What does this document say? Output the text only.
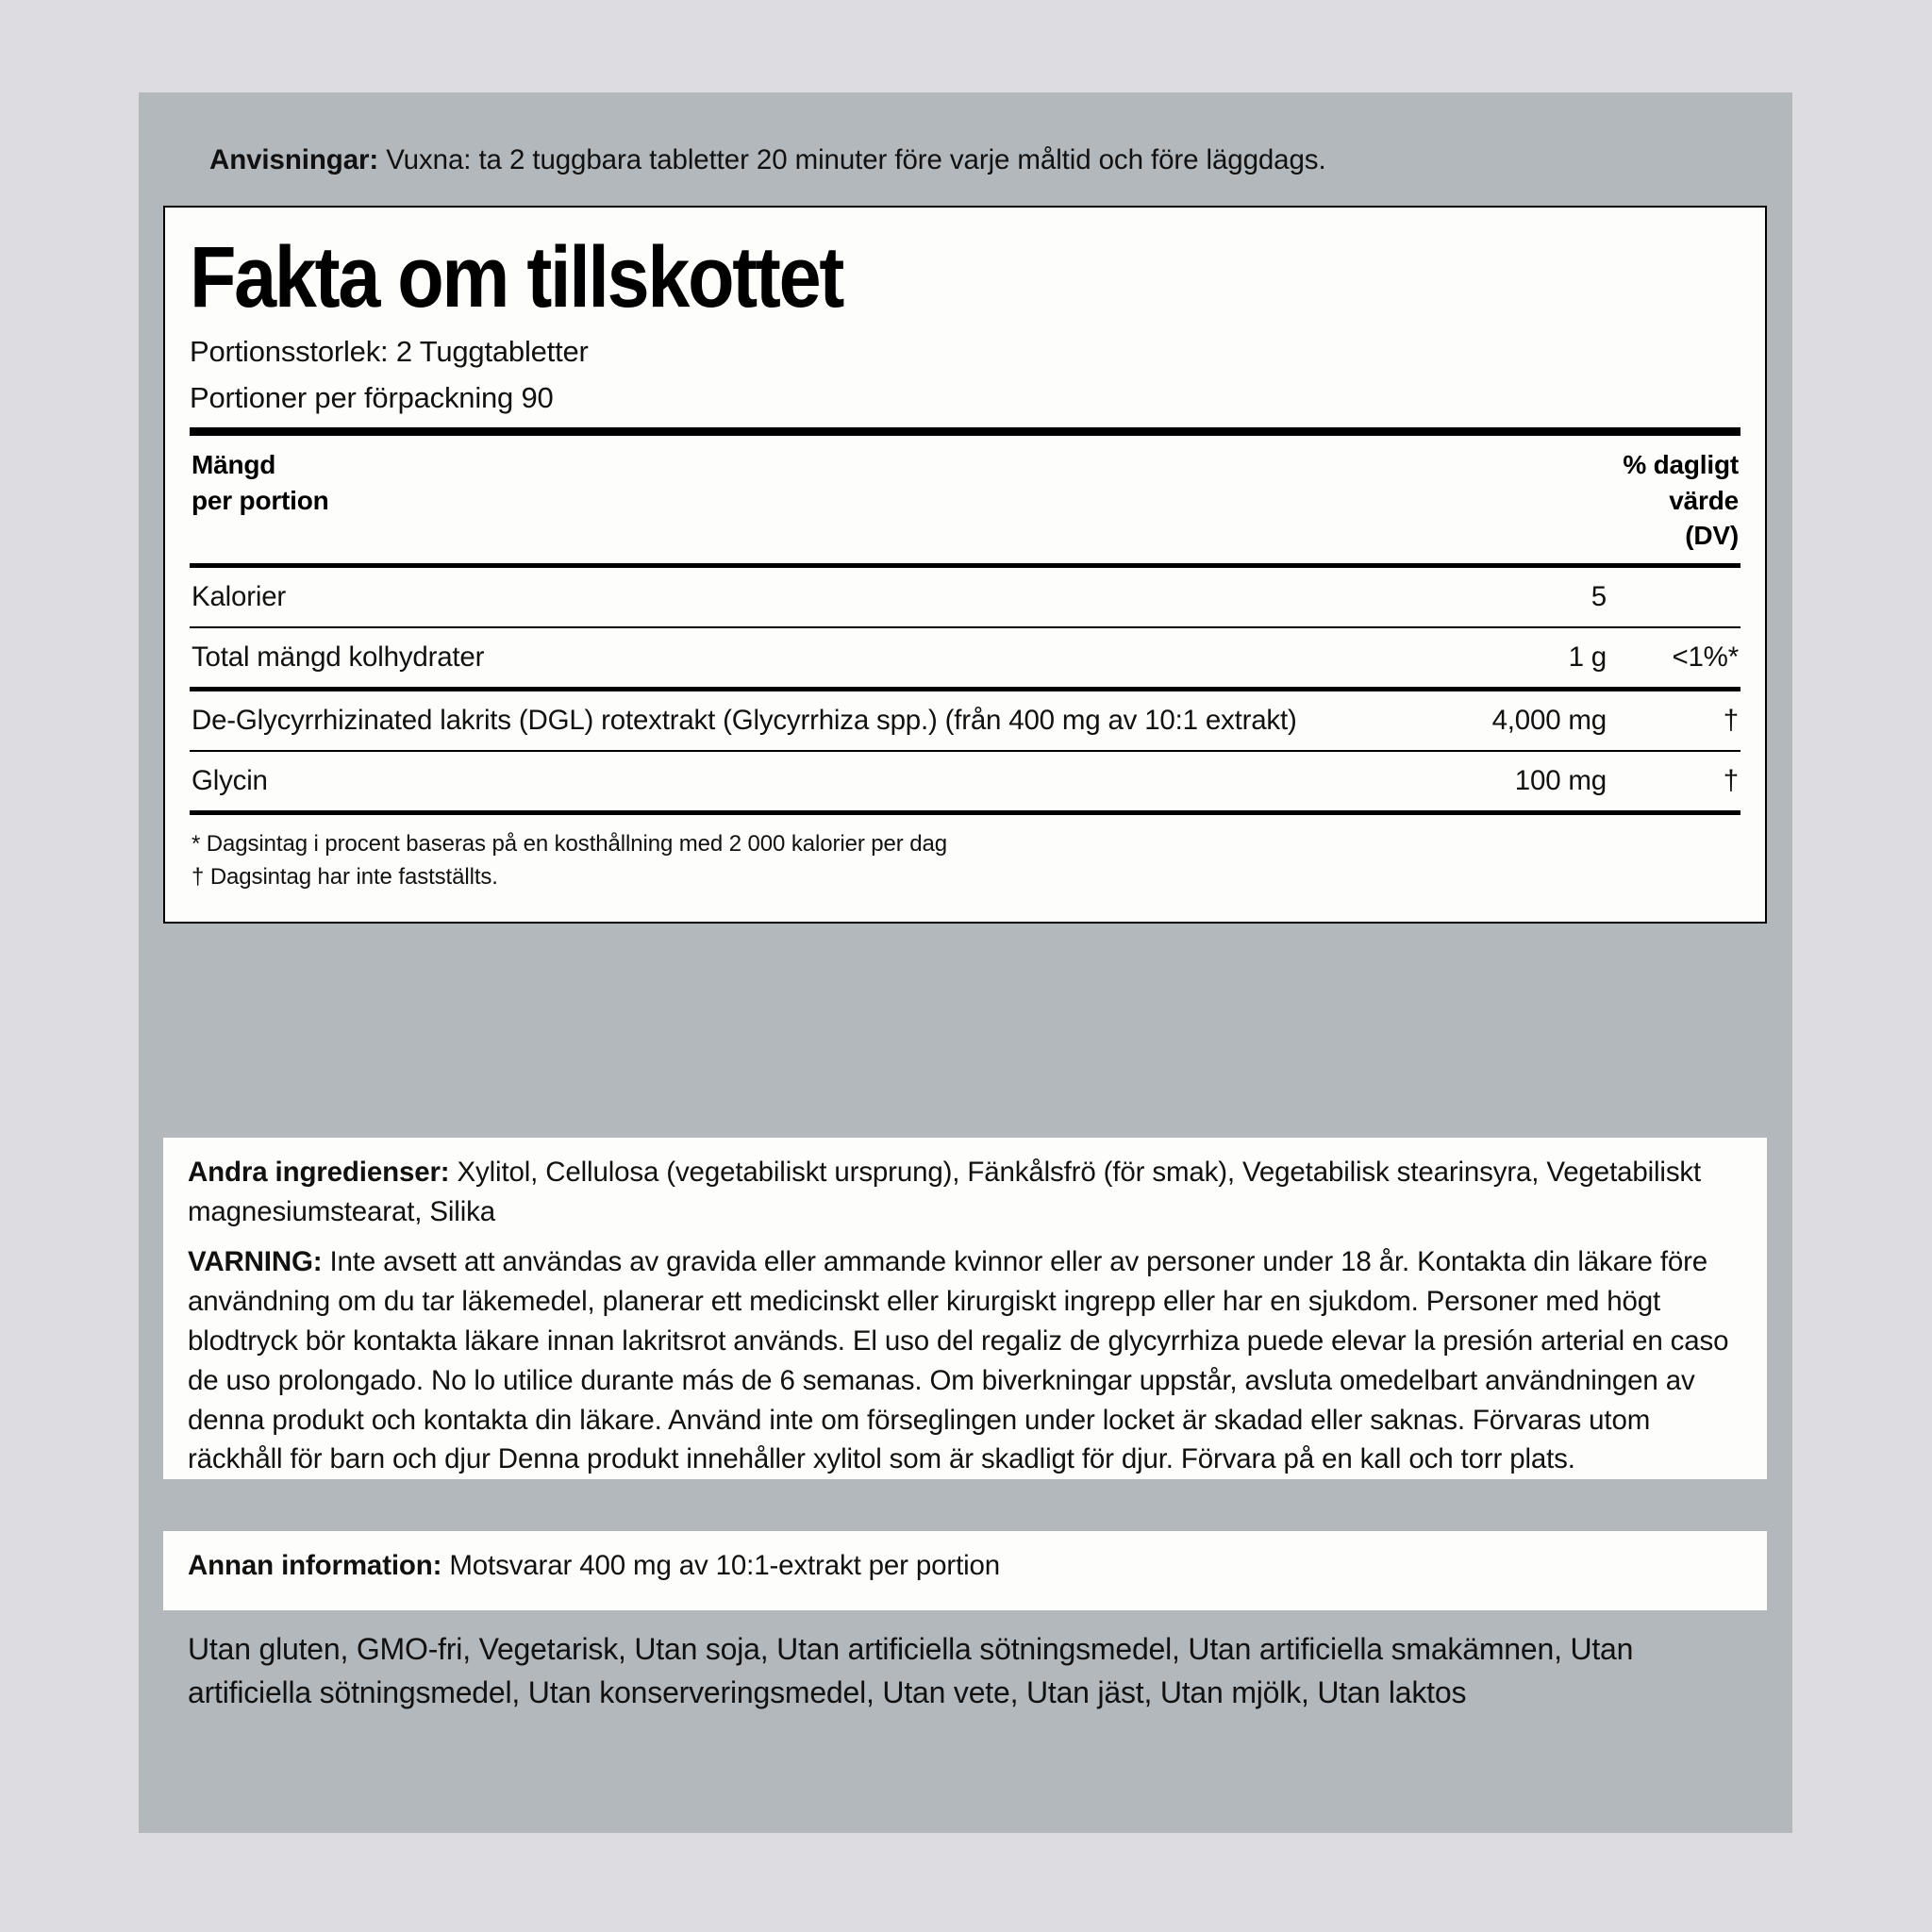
Anvisningar: Vuxna: ta 2 tuggbara tabletter 20 minuter före varje måltid och före läggdags.
Fakta om tillskottet
Portionsstorlek: 2 Tuggtabletter
Portioner per förpackning 90
Mängd
per portion
% dagligt
värde
(DV)
Kalorier	5
Total mängd kolhydrater	1 g	<1%*
De-Glycyrrhizinated lakrits (DGL) rotextrakt (Glycyrrhiza spp.) (från 400 mg av 10:1 extrakt)	4,000 mg	†
Glycin	100 mg	†
* Dagsintag i procent baseras på en kosthållning med 2 000 kalorier per dag
† Dagsintag har inte fastställts.

Andra ingredienser: Xylitol, Cellulosa (vegetabiliskt ursprung), Fänkålsfrö (för smak), Vegetabilisk stearinsyra, Vegetabiliskt magnesiumstearat, Silika

VARNING: Inte avsett att användas av gravida eller ammande kvinnor eller av personer under 18 år. Kontakta din läkare före användning om du tar läkemedel, planerar ett medicinskt eller kirurgiskt ingrepp eller har en sjukdom. Personer med högt blodtryck bör kontakta läkare innan lakritsrot används. El uso del regaliz de glycyrrhiza puede elevar la presión arterial en caso de uso prolongado. No lo utilice durante más de 6 semanas. Om biverkningar uppstår, avsluta omedelbart användningen av denna produkt och kontakta din läkare. Använd inte om förseglingen under locket är skadad eller saknas. Förvaras utom räckhåll för barn och djur Denna produkt innehåller xylitol som är skadligt för djur. Förvara på en kall och torr plats.

Annan information: Motsvarar 400 mg av 10:1-extrakt per portion

Utan gluten, GMO-fri, Vegetarisk, Utan soja, Utan artificiella sötningsmedel, Utan artificiella smakämnen, Utan artificiella sötningsmedel, Utan konserveringsmedel, Utan vete, Utan jäst, Utan mjölk, Utan laktos
